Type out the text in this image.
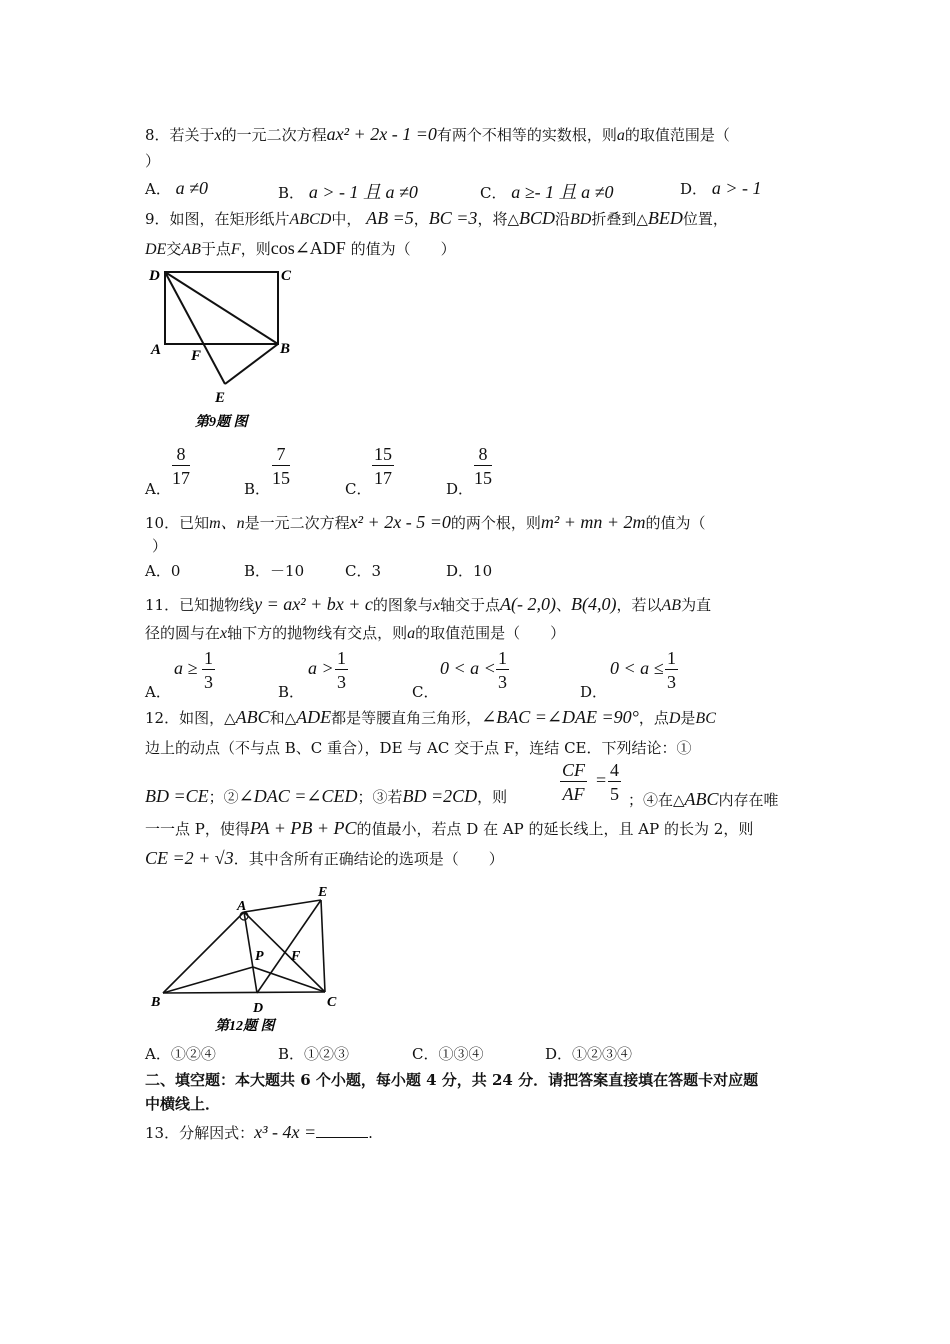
8．若关于x的一元二次方程ax² + 2x - 1 =0有两个不相等的实数根，则a的取值范围是（
）
A． a ≠0	B． a > - 1 且 a ≠0	C． a ≥- 1 且 a ≠0	D． a > - 1
9．如图，在矩形纸片ABCD中， AB =5，BC =3，将△BCD沿BD折叠到△BED位置，
DE交AB于点F，则cos∠ADF 的值为（　　）
D	C
A F	B
E
第9题 图
A． $\frac{8}{17}$	B． $\frac{7}{15}$	C． $\frac{15}{17}$	D． $\frac{8}{15}$
10．已知m、n是一元二次方程x² + 2x - 5 =0的两个根，则m² + mn + 2m的值为（
）
A．0	B．－10	C．3	D．10
11．已知抛物线y = ax² + bx + c的图象与x轴交于点A(- 2,0)、B(4,0)，若以AB为直
径的圆与在x轴下方的抛物线有交点，则a的取值范围是（　　）
A．
$a \ge \frac{1}{3}$	B．
$a > \frac{1}{3}$	C．
$0 < a < \frac{1}{3}$	D．
$0 < a \le \frac{1}{3}$
12．如图，△ABC和△ADE都是等腰直角三角形，∠BAC =∠DAE =90°，点D是BC
边上的动点（不与点 B、C 重合），DE 与 AC 交于点 F，连结 CE．下列结论：①
BD =CE；②∠DAC =∠CED；③若BD =2CD，则	$\frac{CF}{AF} = \frac{4}{5}$ ；④在△ABC内存在唯
一一点 P，使得PA + PB + PC的值最小，若点 D 在 AP 的延长线上，且 AP 的长为 2，则
CE =2 + √3．其中含所有正确结论的选项是（　　）
A
E
P F
B	D	C
第12题 图
A．①②④	B．①②③	C．①③④	D．①②③④
二、填空题：本大题共 6 个小题，每小题 4 分，共 24 分．请把答案直接填在答题卡对应题
中横线上．
13．分解因式：x³ - 4x =	.
